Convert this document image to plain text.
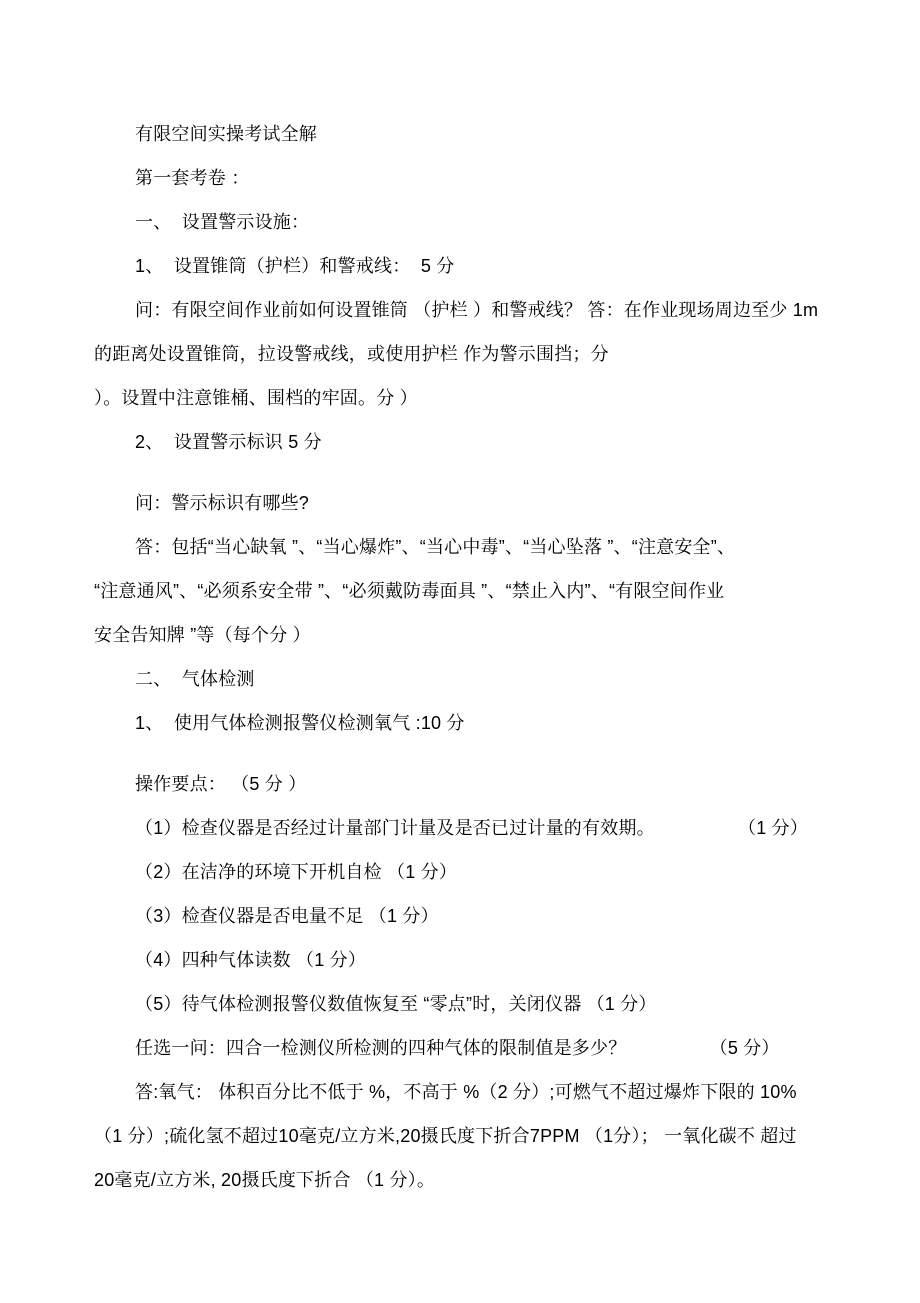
有限空间实操考试全解
第一套考卷 ：
一、  设置警示设施：
1、  设置锥筒（护栏）和警戒线：  5 分
问：有限空间作业前如何设置锥筒 （护栏 ）和警戒线？ 答：在作业现场周边至少 1m
的距离处设置锥筒，拉设警戒线，或使用护栏 作为警示围挡；分
）。设置中注意锥桶、围档的牢固。分 ）
2、  设置警示标识 5 分
问：警示标识有哪些?
答：包括“当心缺氧 ”、“当心爆炸”、“当心中毒”、“当心坠落 ”、“注意安全”、
“注意通风”、“必须系安全带 ”、“必须戴防毒面具 ”、“禁止入内”、“有限空间作业
安全告知牌 ”等（每个分 ）
二、  气体检测
1、  使用气体检测报警仪检测氧气 :10 分
操作要点： （5 分 ）
（1）检查仪器是否经过计量部门计量及是否已过计量的有效期。                （1 分）
（2）在洁净的环境下开机自检 （1 分）
（3）检查仪器是否电量不足 （1 分）
（4）四种气体读数 （1 分）
（5）待气体检测报警仪数值恢复至 “零点”时，关闭仪器 （1 分）
任选一问：四合一检测仪所检测的四种气体的限制值是多少？                （5 分）
答:氧气： 体积百分比不低于 %，不高于 %（2 分）;可燃气不超过爆炸下限的 10%
（1 分）;硫化氢不超过10毫克/立方米,20摄氏度下折合7PPM （1分）； 一氧化碳不 超过
20毫克/立方米, 20摄氏度下折合 （1 分）。
